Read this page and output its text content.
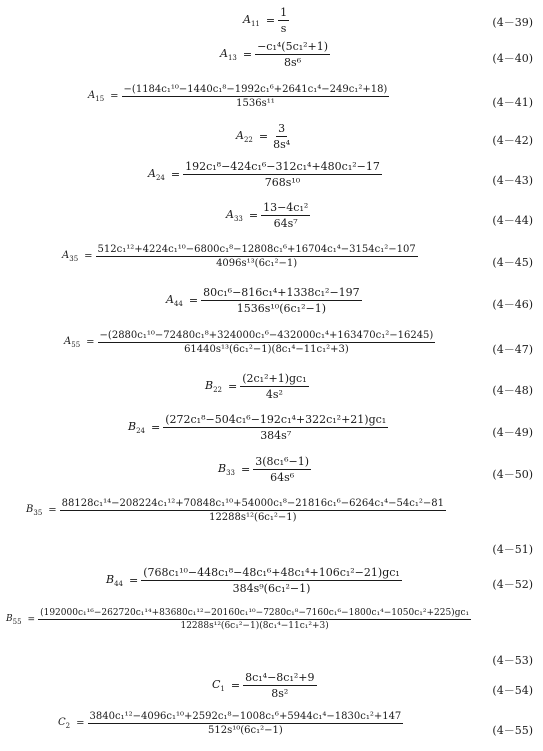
$A_{11} = \frac{1}{s}$	(4－39)
$A_{13} = \frac{\text{−c₁⁴(5c₁²+1)}}{\text{8s⁶}}$	(4－40)
$A_{15} = \frac{\text{−(1184c₁¹⁰−1440c₁⁸−1992c₁⁶+2641c₁⁴−249c₁²+18)}}{\text{1536s¹¹}}$	(4－41)
$A_{22} = \frac{3}{\text{8s⁴}}$	(4－42)
$A_{24} = \frac{\text{192c₁⁸−424c₁⁶−312c₁⁴+480c₁²−17}}{\text{768s¹⁰}}$	(4－43)
$A_{33} = \frac{\text{13−4c₁²}}{\text{64s⁷}}$	(4－44)
$A_{35} = \frac{\text{512c₁¹²+4224c₁¹⁰−6800c₁⁸−12808c₁⁶+16704c₁⁴−3154c₁²−107}}{\text{4096s¹³(6c₁²−1)}}$	(4－45)
$A_{44} = \frac{\text{80c₁⁶−816c₁⁴+1338c₁²−197}}{\text{1536s¹⁰(6c₁²−1)}}$	(4－46)
$A_{55} = \frac{\text{−(2880c₁¹⁰−72480c₁⁸+324000c₁⁶−432000c₁⁴+163470c₁²−16245)}}{\text{61440s¹³(6c₁²−1)(8c₁⁴−11c₁²+3)}}$	(4－47)
$B_{22} = \frac{\text{(2c₁²+1)gc₁}}{\text{4s²}}$	(4－48)
$B_{24} = \frac{\text{(272c₁⁸−504c₁⁶−192c₁⁴+322c₁²+21)gc₁}}{\text{384s⁷}}$	(4－49)
$B_{33} = \frac{\text{3(8c₁⁶−1)}}{\text{64s⁶}}$	(4－50)
$B_{35}$ =
88128c₁¹⁴−208224c₁¹²+70848c₁¹⁰+54000c₁⁸−21816c₁⁶−6264c₁⁴−54c₁²−81
12288s¹²(6c₁²−1)
(4－51)
$B_{44} = \frac{\text{(768c₁¹⁰−448c₁⁸−48c₁⁶+48c₁⁴+106c₁²−21)gc₁}}{\text{384s⁹(6c₁²−1)}}$	(4－52)
$B_{55}$ =
(192000c₁¹⁶−262720c₁¹⁴+83680c₁¹²−20160c₁¹⁰−7280c₁⁸−7160c₁⁶−1800c₁⁴−1050c₁²+225)gc₁
12288s¹²(6c₁²−1)(8c₁⁴−11c₁²+3)
(4－53)
$C_1 = \frac{\text{8c₁⁴−8c₁²+9}}{\text{8s²}}$	(4－54)
$C_2 = \frac{\text{3840c₁¹²−4096c₁¹⁰+2592c₁⁸−1008c₁⁶+5944c₁⁴−1830c₁²+147}}{\text{512s¹⁰(6c₁²−1)}}$	(4－55)
